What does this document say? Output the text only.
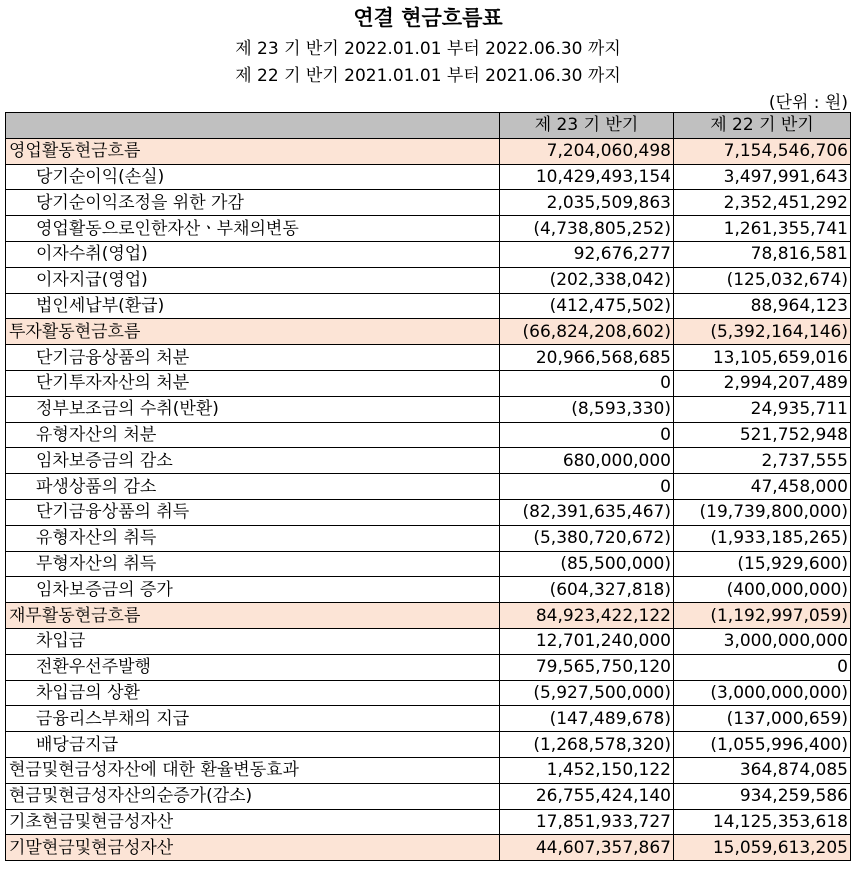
연결 현금흐름표
제 23 기 반기 2022.01.01 부터 2022.06.30 까지
제 22 기 반기 2021.01.01 부터 2021.06.30 까지
(단위 : 원)
	제 23 기 반기	제 22 기 반기
영업활동현금흐름	7,204,060,498	7,154,546,706
당기순이익(손실)	10,429,493,154	3,497,991,643
당기순이익조정을 위한 가감	2,035,509,863	2,352,451,292
영업활동으로인한자산ㆍ부채의변동	(4,738,805,252)	1,261,355,741
이자수취(영업)	92,676,277	78,816,581
이자지급(영업)	(202,338,042)	(125,032,674)
법인세납부(환급)	(412,475,502)	88,964,123
투자활동현금흐름	(66,824,208,602)	(5,392,164,146)
단기금융상품의 처분	20,966,568,685	13,105,659,016
단기투자자산의 처분	0	2,994,207,489
정부보조금의 수취(반환)	(8,593,330)	24,935,711
유형자산의 처분	0	521,752,948
임차보증금의 감소	680,000,000	2,737,555
파생상품의 감소	0	47,458,000
단기금융상품의 취득	(82,391,635,467)	(19,739,800,000)
유형자산의 취득	(5,380,720,672)	(1,933,185,265)
무형자산의 취득	(85,500,000)	(15,929,600)
임차보증금의 증가	(604,327,818)	(400,000,000)
재무활동현금흐름	84,923,422,122	(1,192,997,059)
차입금	12,701,240,000	3,000,000,000
전환우선주발행	79,565,750,120	0
차입금의 상환	(5,927,500,000)	(3,000,000,000)
금융리스부채의 지급	(147,489,678)	(137,000,659)
배당금지급	(1,268,578,320)	(1,055,996,400)
현금및현금성자산에 대한 환율변동효과	1,452,150,122	364,874,085
현금및현금성자산의순증가(감소)	26,755,424,140	934,259,586
기초현금및현금성자산	17,851,933,727	14,125,353,618
기말현금및현금성자산	44,607,357,867	15,059,613,205
